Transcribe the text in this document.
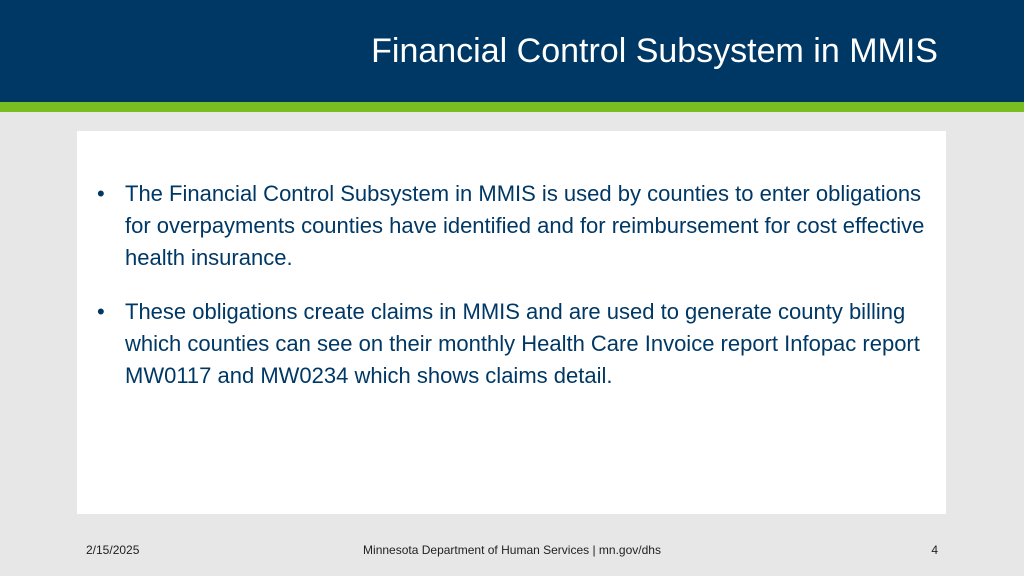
Financial Control Subsystem in MMIS
• The Financial Control Subsystem in MMIS is used by counties to enter obligations for overpayments counties have identified and for reimbursement for cost effective health insurance.
• These obligations create claims in MMIS and are used to generate county billing which counties can see on their monthly Health Care Invoice report Infopac report MW0117 and MW0234 which shows claims detail.
2/15/2025	Minnesota Department of Human Services | mn.gov/dhs	4
